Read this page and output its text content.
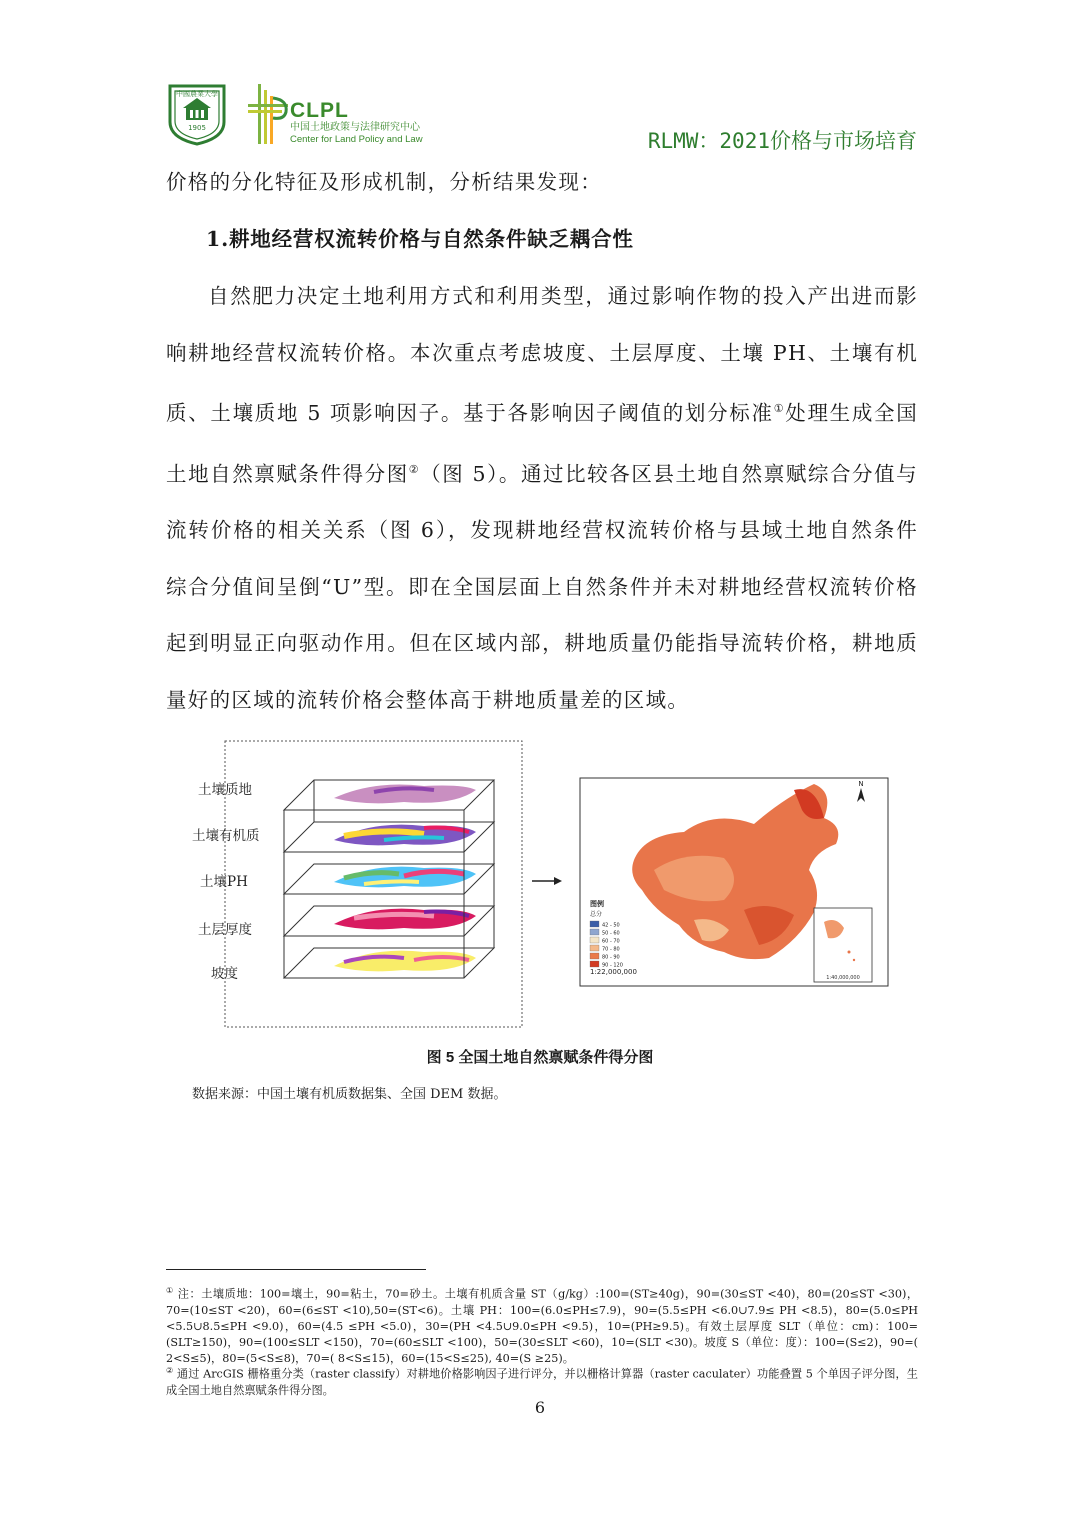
中國農業大學
1905
CLPL
中国土地政策与法律研究中心
Center for Land Policy and Law	RLMW：2021价格与市场培育
价格的分化特征及形成机制，分析结果发现：
1.耕地经营权流转价格与自然条件缺乏耦合性
自然肥力决定土地利用方式和利用类型，通过影响作物的投入产出进而影响耕地经营权流转价格。本次重点考虑坡度、土层厚度、土壤 PH、土壤有机质、土壤质地 5 项影响因子。基于各影响因子阈值的划分标准①处理生成全国土地自然禀赋条件得分图②（图 5）。通过比较各区县土地自然禀赋综合分值与流转价格的相关关系（图 6），发现耕地经营权流转价格与县域土地自然条件综合分值间呈倒“U”型。即在全国层面上自然条件并未对耕地经营权流转价格起到明显正向驱动作用。但在区域内部，耕地质量仍能指导流转价格，耕地质量好的区域的流转价格会整体高于耕地质量差的区域。
N
1:40,000,000
图例
总分
42 - 50
50 - 60
60 - 70
70 - 80
80 - 90
90 - 120
1:22,000,000
土壤质地
土壤有机质
土壤PH
土层厚度
坡度
图 5 全国土地自然禀赋条件得分图
数据来源：中国土壤有机质数据集、全国 DEM 数据。
① 注：土壤质地：100=壤土，90=粘土，70=砂土。土壤有机质含量 ST（g/kg）:100=(ST≥40g)，90=(30≤ST <40)，80=(20≤ST <30)，70=(10≤ST <20)，60=(6≤ST <10),50=(ST<6)。土壤 PH：100=(6.0≤PH≤7.9)，90=(5.5≤PH <6.0∪7.9≤ PH <8.5)，80=(5.0≤PH <5.5∪8.5≤PH <9.0)，60=(4.5 ≤PH <5.0)，30=(PH <4.5∪9.0≤PH <9.5)，10=(PH≥9.5)。有效土层厚度 SLT（单位：cm)：100=(SLT≥150)，90=(100≤SLT <150)，70=(60≤SLT <100)，50=(30≤SLT <60)，10=(SLT <30)。坡度 S（单位：度）：100=(S≤2)，90=( 2<S≤5)，80=(5<S≤8)，70=( 8<S≤15)，60=(15<S≤25), 40=(S ≥25)。
② 通过 ArcGIS 栅格重分类（raster classify）对耕地价格影响因子进行评分，并以栅格计算器（raster caculater）功能叠置 5 个单因子评分图，生成全国土地自然禀赋条件得分图。
6
